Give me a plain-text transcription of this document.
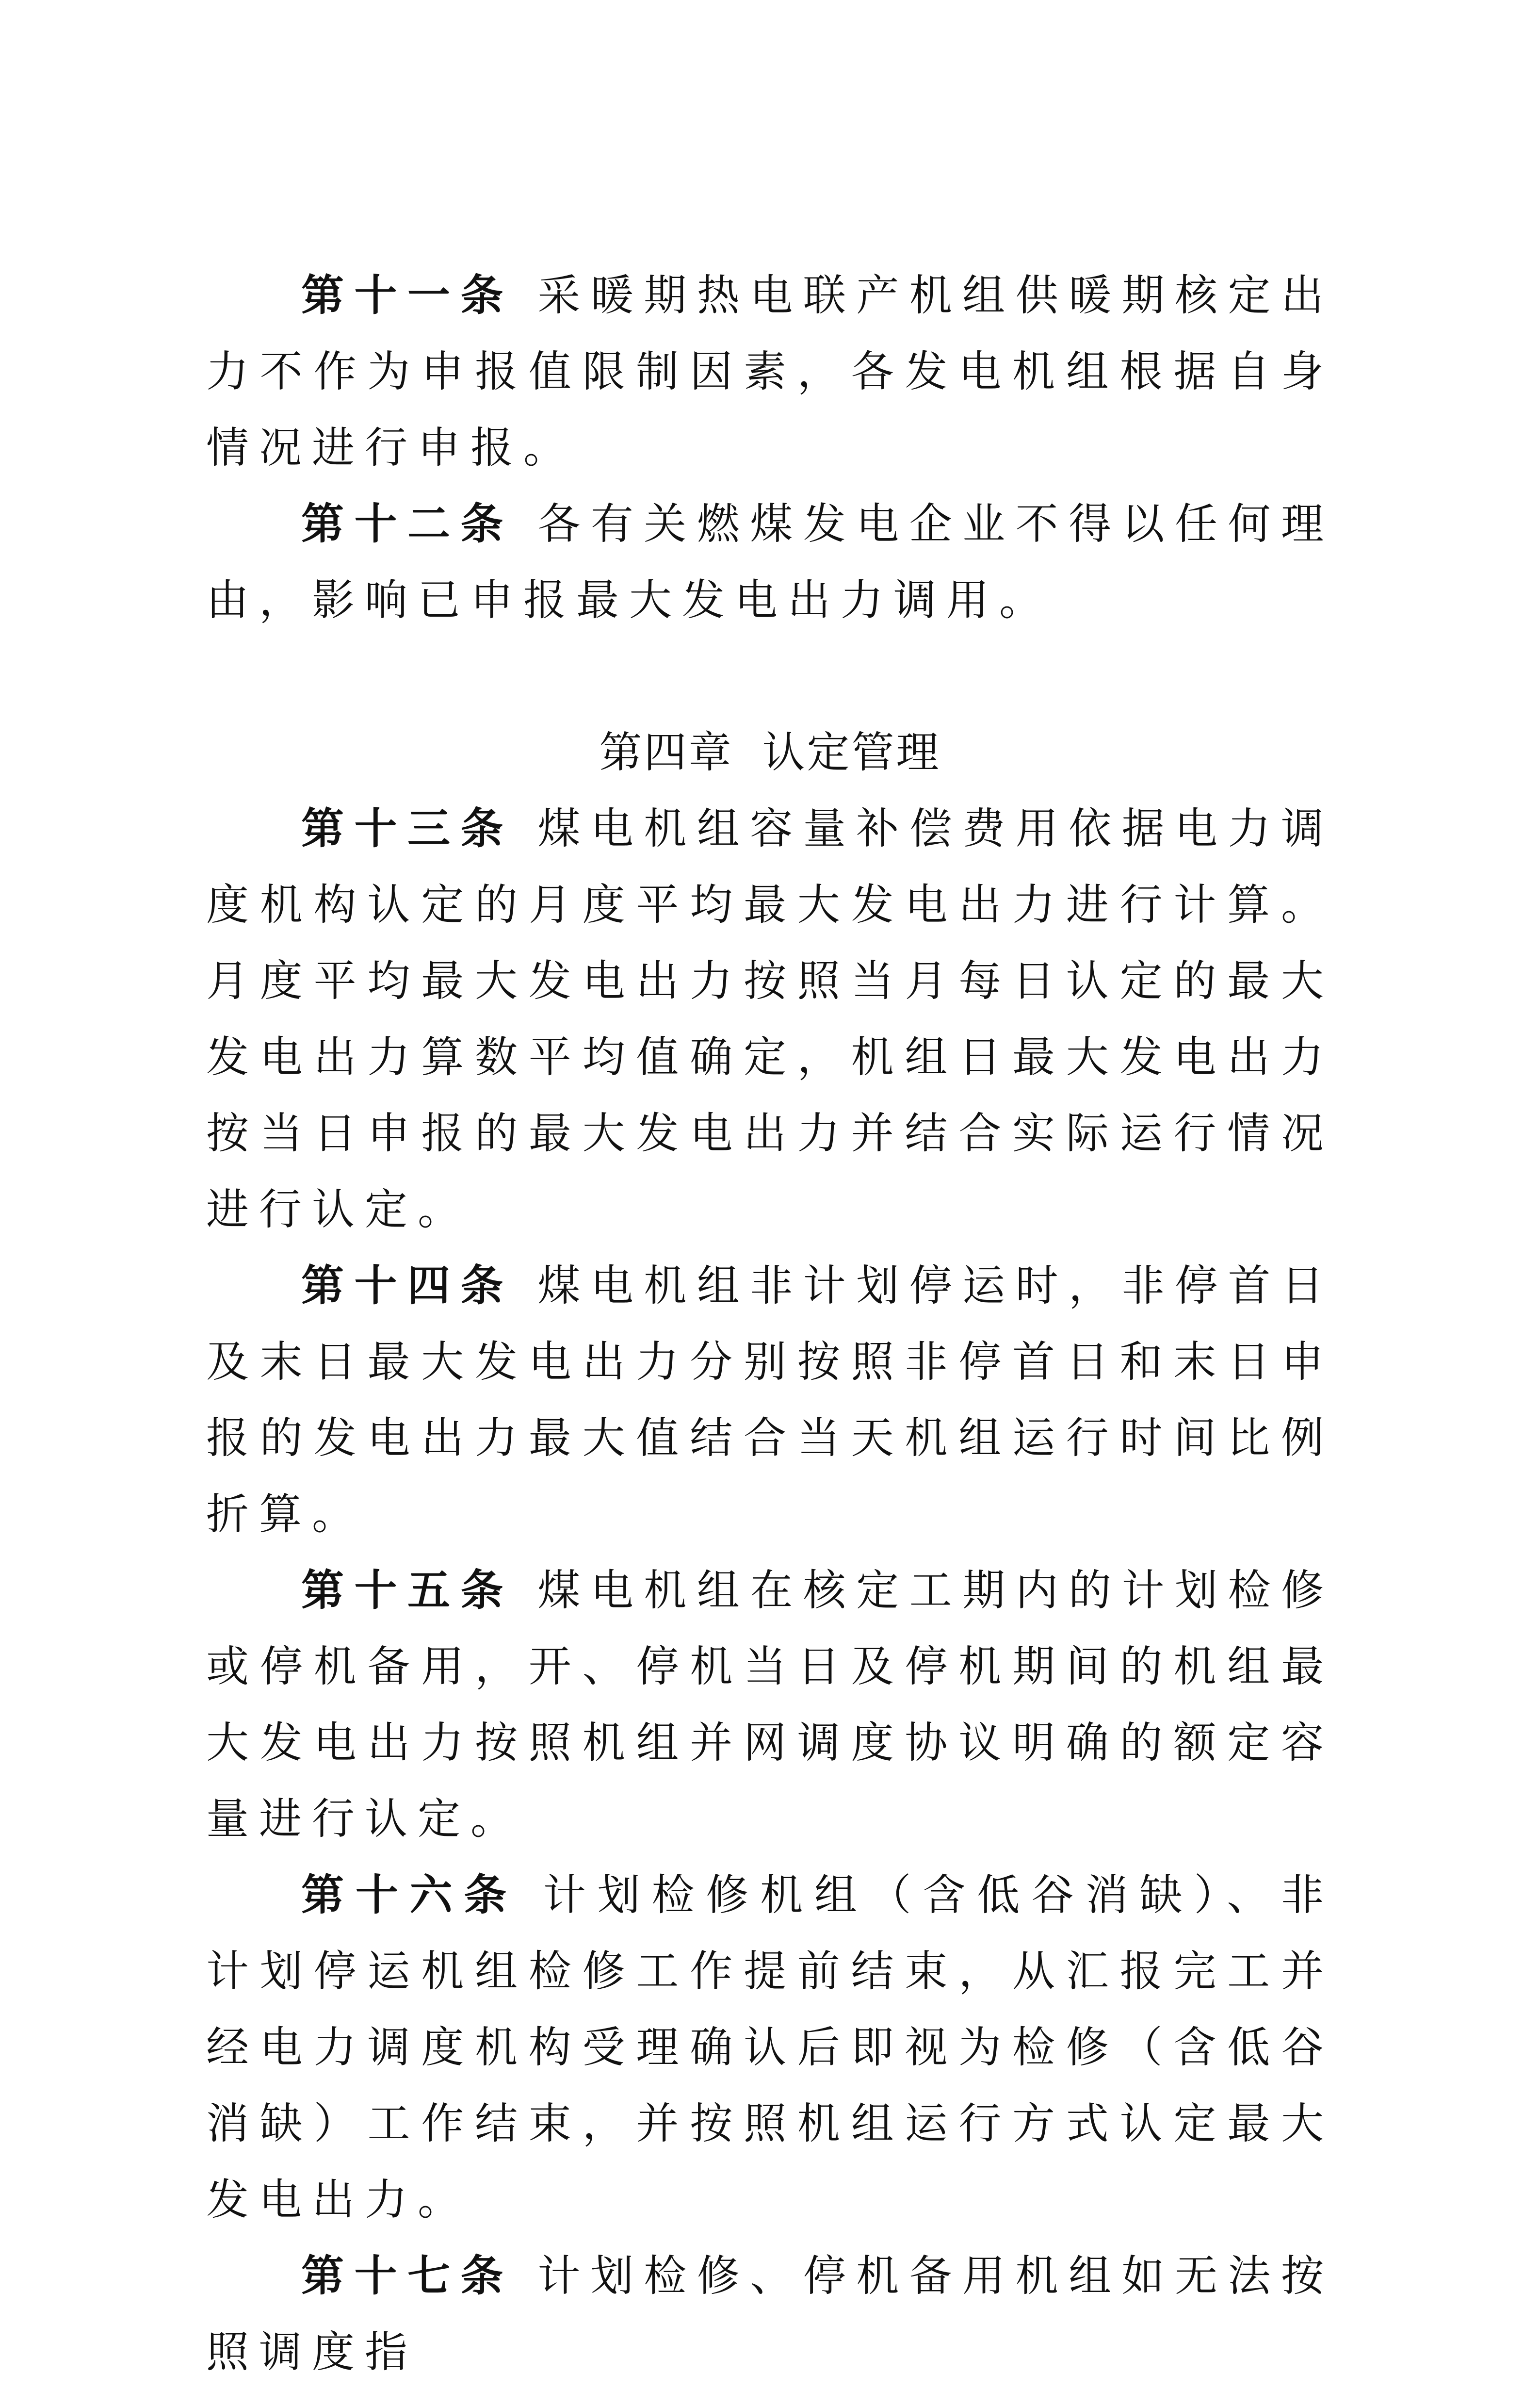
第十一条 采暖期热电联产机组供暖期核定出力不作为申报值限制因素，各发电机组根据自身情况进行申报。

第十二条 各有关燃煤发电企业不得以任何理由，影响已申报最大发电出力调用。

第四章 认定管理

第十三条 煤电机组容量补偿费用依据电力调度机构认定的月度平均最大发电出力进行计算。月度平均最大发电出力按照当月每日认定的最大发电出力算数平均值确定，机组日最大发电出力按当日申报的最大发电出力并结合实际运行情况进行认定。

第十四条 煤电机组非计划停运时，非停首日及末日最大发电出力分别按照非停首日和末日申报的发电出力最大值结合当天机组运行时间比例折算。

第十五条 煤电机组在核定工期内的计划检修或停机备用，开、停机当日及停机期间的机组最大发电出力按照机组并网调度协议明确的额定容量进行认定。

第十六条 计划检修机组（含低谷消缺）、非计划停运机组检修工作提前结束，从汇报完工并经电力调度机构受理确认后即视为检修（含低谷消缺）工作结束，并按照机组运行方式认定最大发电出力。

第十七条 计划检修、停机备用机组如无法按照调度指
